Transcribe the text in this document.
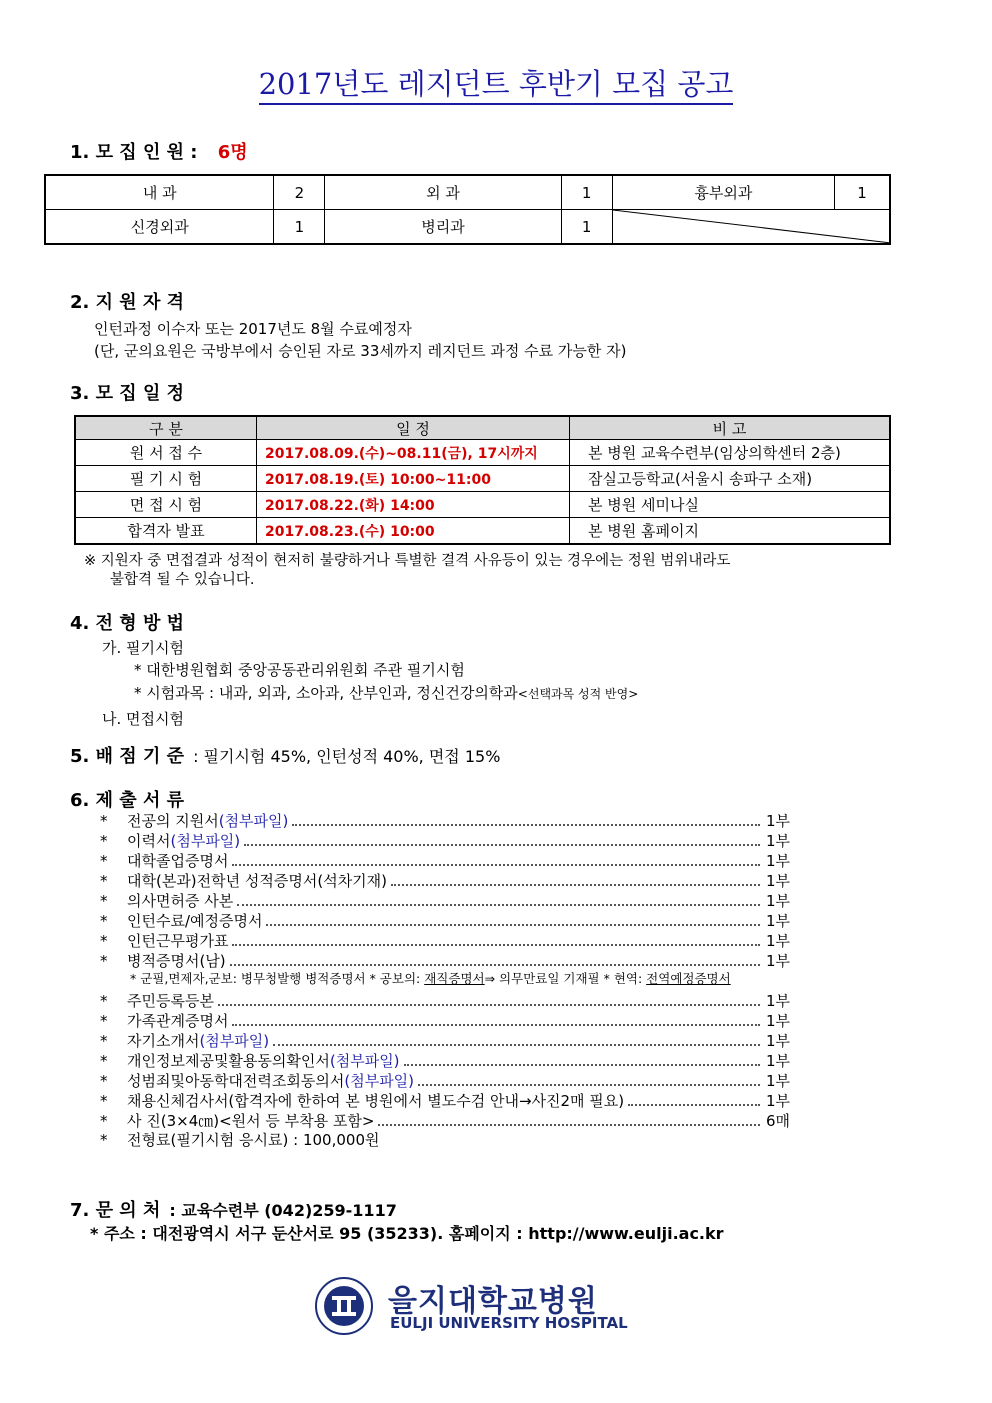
2017년도 레지던트 후반기 모집 공고
1. 모 집 인 원 : 6명
내 과	2	외 과	1	흉부외과	1
신경외과	1	병리과	1	
2. 지 원 자 격
인턴과정 이수자 또는 2017년도 8월 수료예정자
(단, 군의요원은 국방부에서 승인된 자로 33세까지 레지던트 과정 수료 가능한 자)
3. 모 집 일 정
구 분	일 정	비 고
원 서 접 수	2017.08.09.(수)~08.11(금), 17시까지	본 병원 교육수련부(임상의학센터 2층)
필 기 시 험	2017.08.19.(토) 10:00~11:00	잠실고등학교(서울시 송파구 소재)
면 접 시 험	2017.08.22.(화) 14:00	본 병원 세미나실
합격자 발표	2017.08.23.(수) 10:00	본 병원 홈페이지
※ 지원자 중 면접결과 성적이 현저히 불량하거나 특별한 결격 사유등이 있는 경우에는 정원 범위내라도
불합격 될 수 있습니다.
4. 전 형 방 법
가. 필기시험
* 대한병원협회 중앙공동관리위원회 주관 필기시험
* 시험과목 : 내과, 외과, 소아과, 산부인과, 정신건강의학과<선택과목 성적 반영>
나. 면접시험
5. 배 점 기 준 : 필기시험 45%, 인턴성적 40%, 면접 15%
6. 제 출 서 류
*	전공의 지원서(첨부파일)	1부
*	이력서(첨부파일)	1부
*	대학졸업증명서	1부
*	대학(본과)전학년 성적증명서(석차기재)	1부
*	의사면허증 사본	1부
*	인턴수료/예정증명서	1부
*	인턴근무평가표	1부
*	병적증명서(남)	1부
*	주민등록등본	1부
*	가족관계증명서	1부
*	자기소개서(첨부파일)	1부
*	개인정보제공및활용동의확인서(첨부파일)	1부
*	성범죄및아동학대전력조회동의서(첨부파일)	1부
*	채용신체검사서(합격자에 한하여 본 병원에서 별도수검 안내→사진2매 필요)	1부
*	사 진(3×4㎝)<원서 등 부착용 포함>	6매
* 군필,면제자,군보: 병무청발행 병적증명서 * 공보의: 재직증명서⇒ 의무만료일 기재필 * 현역: 전역예정증명서
*	전형료(필기시험 응시료) : 100,000원
7. 문 의 처 : 교육수련부 (042)259-1117
* 주소 : 대전광역시 서구 둔산서로 95 (35233). 홈페이지 : http://www.eulji.ac.kr
을지대학교병원
EULJI UNIVERSITY HOSPITAL
